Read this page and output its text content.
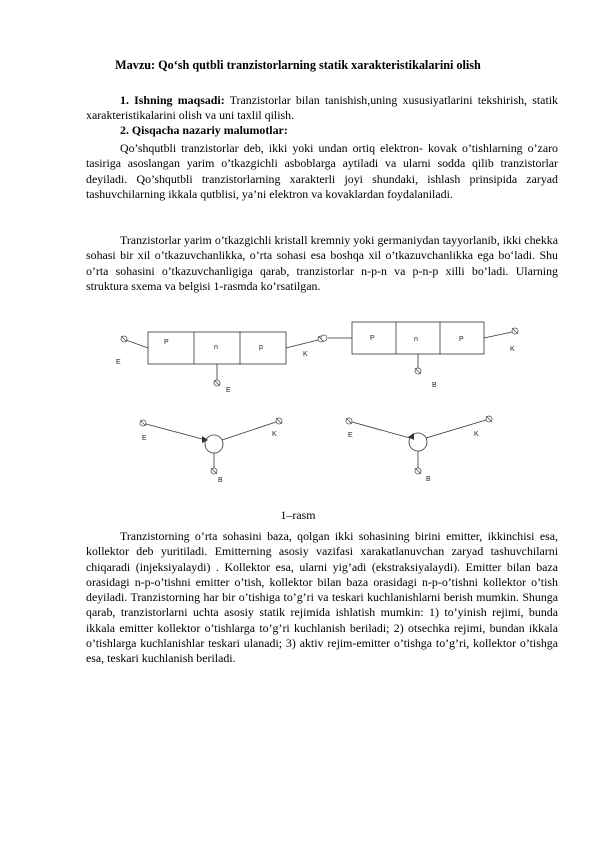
Mavzu: Qo‘sh qutbli tranzistorlarning statik xarakteristikalarini olish

1. Ishning maqsadi: Tranzistorlar bilan tanishish,uning xususiyatlarini tekshirish, statik xarakteristikalarini olish va uni taxlil qilish.

2. Qisqacha nazariy malumotlar:

Qo’shqutbli tranzistorlar deb, ikki yoki undan ortiq elektron- kovak o’tishlarning o’zaro tasiriga asoslangan yarim o’tkazgichli asboblarga aytiladi va ularni sodda qilib tranzistorlar deyiladi. Qo’shqutbli tranzistorlarning xarakterli joyi shundaki, ishlash prinsipida zaryad tashuvchilarning ikkala qutblisi, ya’ni elektron va kovaklardan foydalaniladi.

Tranzistorlar yarim o’tkazgichli kristall kremniy yoki germaniydan tayyorlanib, ikki chekka sohasi bir xil o’tkazuvchanlikka, o’rta sohasi esa boshqa xil o’tkazuvchanlikka ega bo‘ladi. Shu o’rta sohasini o’tkazuvchanligiga qarab, tranzistorlar n-p-n va p-n-p xilli bo’ladi. Ularning struktura sxema va belgisi 1-rasmda ko’rsatilgan.

P
n	p
E
K
E
P	n	P
K
B
E
K
B
E	K
B
1–rasm

Tranzistorning o’rta sohasini baza, qolgan ikki sohasining birini emitter, ikkinchisi esa, kollektor deb yuritiladi. Emitterning asosiy vazifasi xarakatlanuvchan zaryad tashuvchilarni chiqaradi (injeksiyalaydi) . Kollektor esa, ularni yig’adi (ekstraksiyalaydi). Emitter bilan baza orasidagi n-p-o’tishni emitter o’tish, kollektor bilan baza orasidagi n-p-o’tishni kollektor o’tish deyiladi. Tranzistorning har bir o’tishiga to’g’ri va teskari kuchlanishlarni berish mumkin. Shunga qarab, tranzistorlarni uchta asosiy statik rejimida ishlatish mumkin: 1) to’yinish rejimi, bunda ikkala emitter kollektor o’tishlarga to’g’ri kuchlanish beriladi; 2) otsechka rejimi, bundan ikkala o’tishlarga kuchlanishlar teskari ulanadi; 3) aktiv rejim-emitter o’tishga to’g’ri, kollektor o’tishga esa, teskari kuchlanish beriladi.
